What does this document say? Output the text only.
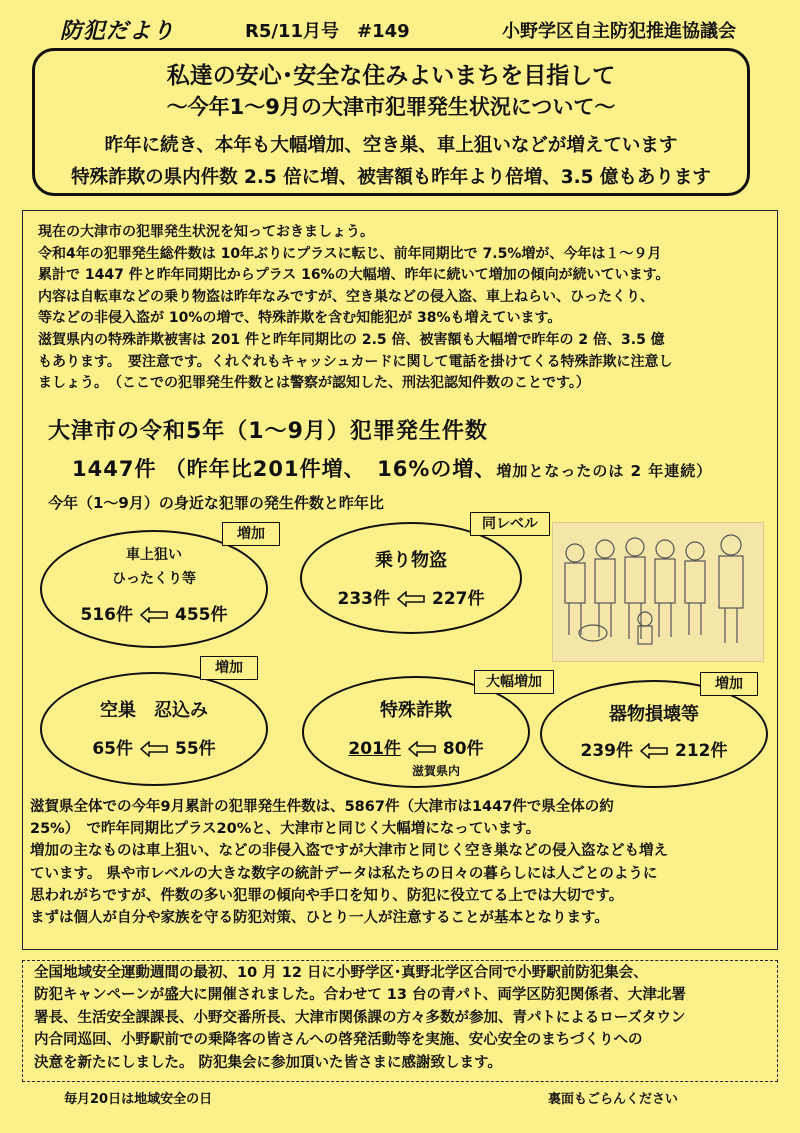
防犯だより	R5/11月号　#149	小野学区自主防犯推進協議会
私達の安心･安全な住みよいまちを目指して
～今年1～9月の大津市犯罪発生状況について～
昨年に続き、本年も大幅増加、空き巣、車上狙いなどが増えています
特殊詐欺の県内件数 2.5 倍に増、被害額も昨年より倍増、3.5 億もあります
現在の大津市の犯罪発生状況を知っておきましょう。
令和4年の犯罪発生総件数は 10年ぶりにプラスに転じ、前年同期比で 7.5%増が、今年は１～９月
累計で 1447 件と昨年同期比からプラス 16%の大幅増、昨年に続いて増加の傾向が続いています。
内容は自転車などの乗り物盗は昨年なみですが、空き巣などの侵入盗、車上ねらい、ひったくり、
等などの非侵入盗が 10%の増で、特殊詐欺を含む知能犯が 38%も増えています。
滋賀県内の特殊詐欺被害は 201 件と昨年同期比の 2.5 倍、被害額も大幅増で昨年の 2 倍、3.5 億
もあります。　要注意です。くれぐれもキャッシュカードに関して電話を掛けてくる特殊詐欺に注意し
ましょう。　（ここでの犯罪発生件数とは警察が認知した、刑法犯認知件数のことです。）
大津市の令和5年（1～9月）犯罪発生件数
1447件 （昨年比201件増、　16%の増、増加となったのは 2 年連続）
今年（1～9月）の身近な犯罪の発生件数と昨年比
車上狙い
ひったくり等
516件 455件
増加
乗り物盗
233件 227件
同レベル
空巣　忍込み
65件 55件
増加
特殊詐欺
201件 80件
滋賀県内
大幅増加
器物損壊等
239件 212件
増加
滋賀県全体での今年9月累計の犯罪発生件数は、5867件（大津市は1447件で県全体の約
25%）　で昨年同期比プラス20%と、大津市と同じく大幅増になっています。
増加の主なものは車上狙い、などの非侵入盗ですが大津市と同じく空き巣などの侵入盗なども増え
ています。 県や市レベルの大きな数字の統計データは私たちの日々の暮らしには人ごとのように
思われがちですが、件数の多い犯罪の傾向や手口を知り、防犯に役立てる上では大切です。
まずは個人が自分や家族を守る防犯対策、ひとり一人が注意することが基本となります。
全国地域安全運動週間の最初、10 月 12 日に小野学区･真野北学区合同で小野駅前防犯集会、
防犯キャンペーンが盛大に開催されました。合わせて 13 台の青パト、両学区防犯関係者、大津北署
署長、生活安全課課長、小野交番所長、大津市関係課の方々多数が参加、青パトによるローズタウン
内合同巡回、小野駅前での乗降客の皆さんへの啓発活動等を実施、安心安全のまちづくりへの
決意を新たにしました。 防犯集会に参加頂いた皆さまに感謝致します。
毎月20日は地域安全の日	裏面もごらんください
